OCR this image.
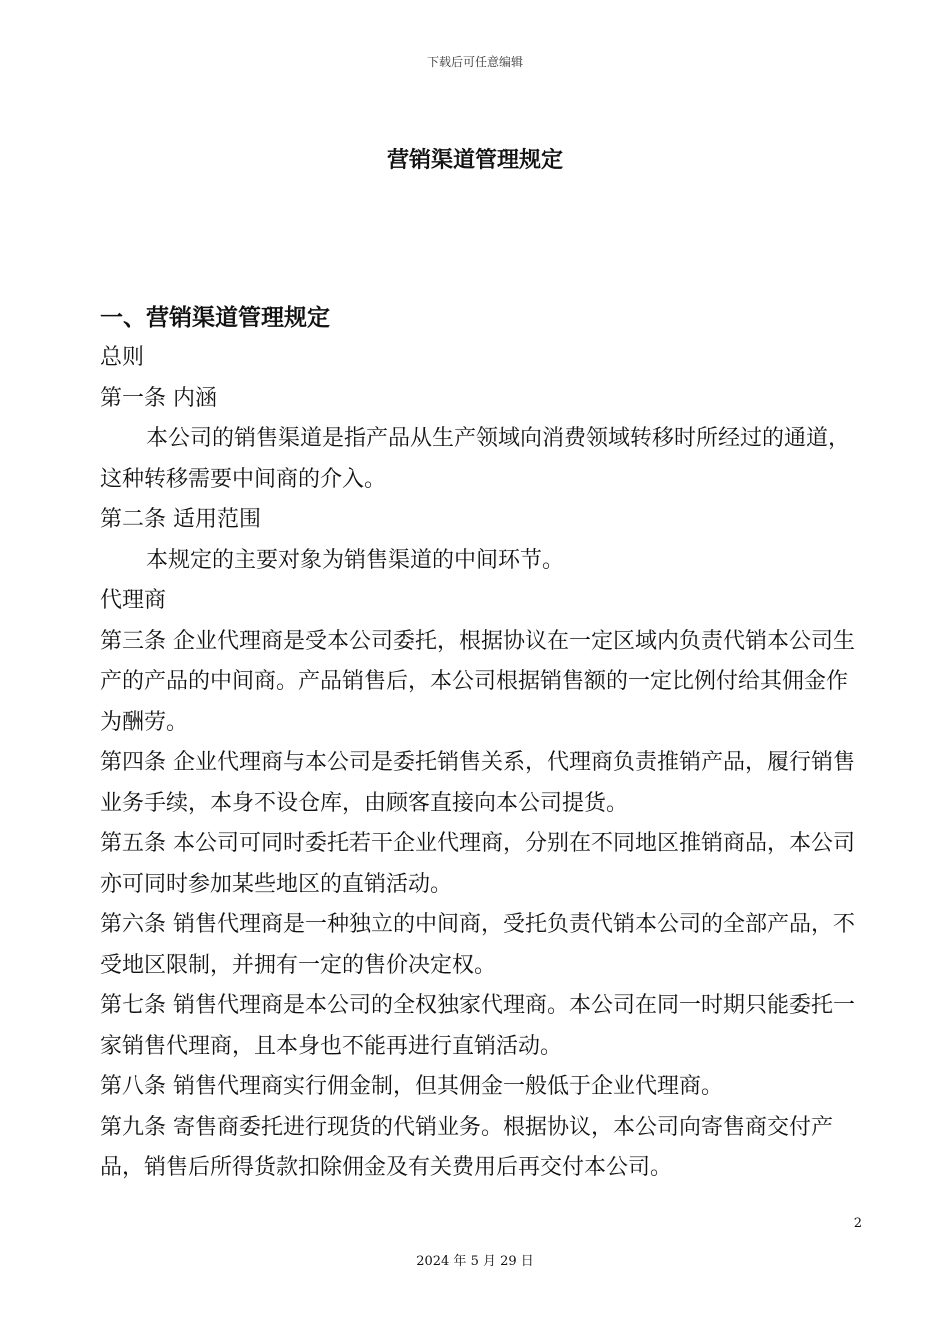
下载后可任意编辑
营销渠道管理规定
一、营销渠道管理规定

总则

第一条 内涵

本公司的销售渠道是指产品从生产领域向消费领域转移时所经过的通道，这种转移需要中间商的介入。

第二条 适用范围

本规定的主要对象为销售渠道的中间环节。

代理商

第三条 企业代理商是受本公司委托，根据协议在一定区域内负责代销本公司生产的产品的中间商。产品销售后，本公司根据销售额的一定比例付给其佣金作为酬劳。

第四条 企业代理商与本公司是委托销售关系，代理商负责推销产品，履行销售业务手续，本身不设仓库，由顾客直接向本公司提货。

第五条 本公司可同时委托若干企业代理商，分别在不同地区推销商品，本公司亦可同时参加某些地区的直销活动。

第六条 销售代理商是一种独立的中间商，受托负责代销本公司的全部产品，不受地区限制，并拥有一定的售价决定权。

第七条 销售代理商是本公司的全权独家代理商。本公司在同一时期只能委托一家销售代理商，且本身也不能再进行直销活动。

第八条 销售代理商实行佣金制，但其佣金一般低于企业代理商。

第九条 寄售商委托进行现货的代销业务。根据协议，本公司向寄售商交付产品，销售后所得货款扣除佣金及有关费用后再交付本公司。

2
2024 年 5 月 29 日
